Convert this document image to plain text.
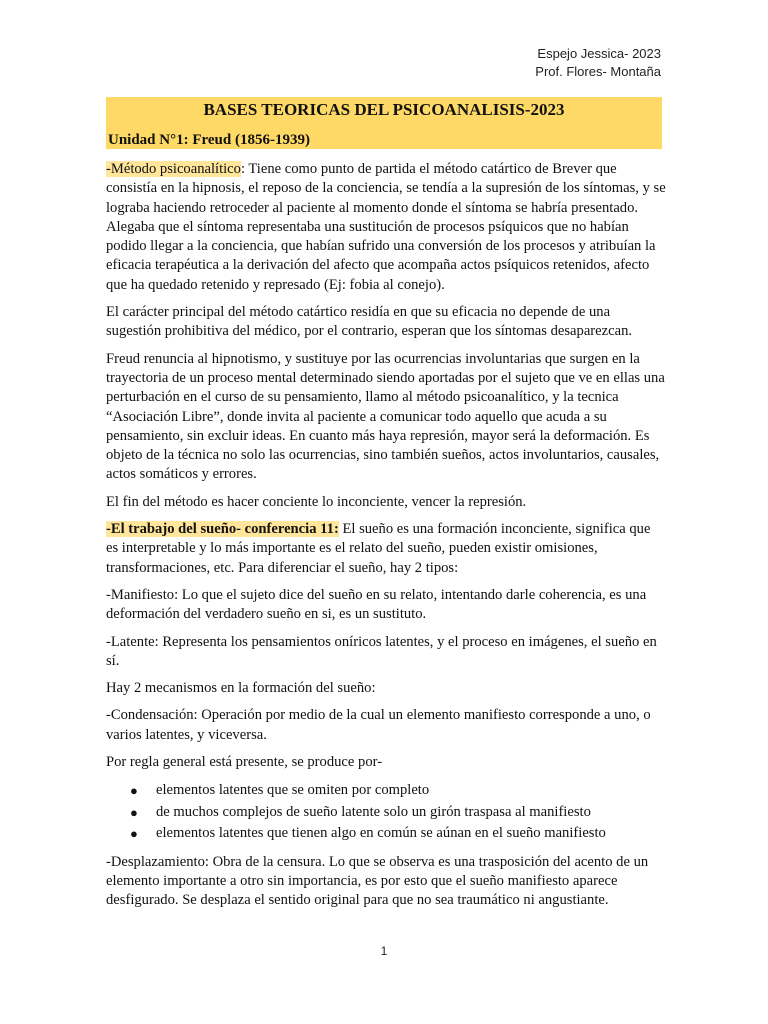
Espejo Jessica- 2023
Prof. Flores- Montaña
BASES TEORICAS DEL PSICOANALISIS-2023
Unidad N°1: Freud (1856-1939)

-Método psicoanalítico: Tiene como punto de partida el método catártico de Brever que consistía en la hipnosis, el reposo de la conciencia, se tendía a la supresión de los síntomas, y se lograba haciendo retroceder al paciente al momento donde el síntoma se habría presentado. Alegaba que el síntoma representaba una sustitución de procesos psíquicos que no habían podido llegar a la conciencia, que habían sufrido una conversión de los procesos y atribuían la eficacia terapéutica a la derivación del afecto que acompaña actos psíquicos retenidos, afecto que ha quedado retenido y represado (Ej: fobia al conejo).

El carácter principal del método catártico residía en que su eficacia no depende de una sugestión prohibitiva del médico, por el contrario, esperan que los síntomas desaparezcan.

Freud renuncia al hipnotismo, y sustituye por las ocurrencias involuntarias que surgen en la trayectoria de un proceso mental determinado siendo aportadas por el sujeto que ve en ellas una perturbación en el curso de su pensamiento, llamo al método psicoanalítico, y la tecnica “Asociación Libre”, donde invita al paciente a comunicar todo aquello que acuda a su pensamiento, sin excluir ideas. En cuanto más haya represión, mayor será la deformación. Es objeto de la técnica no solo las ocurrencias, sino también sueños, actos involuntarios, causales, actos somáticos y errores.

El fin del método es hacer conciente lo inconciente, vencer la represión.

-El trabajo del sueño- conferencia 11: El sueño es una formación inconciente, significa que es interpretable y lo más importante es el relato del sueño, pueden existir omisiones, transformaciones, etc. Para diferenciar el sueño, hay 2 tipos:

-Manifiesto: Lo que el sujeto dice del sueño en su relato, intentando darle coherencia, es una deformación del verdadero sueño en si, es un sustituto.

-Latente: Representa los pensamientos oníricos latentes, y el proceso en imágenes, el sueño en sí.

Hay 2 mecanismos en la formación del sueño:

-Condensación: Operación por medio de la cual un elemento manifiesto corresponde a uno, o varios latentes, y viceversa.

Por regla general está presente, se produce por-

● elementos latentes que se omiten por completo
● de muchos complejos de sueño latente solo un girón traspasa al manifiesto
● elementos latentes que tienen algo en común se aúnan en el sueño manifiesto

-Desplazamiento: Obra de la censura. Lo que se observa es una trasposición del acento de un elemento importante a otro sin importancia, es por esto que el sueño manifiesto aparece desfigurado. Se desplaza el sentido original para que no sea traumático ni angustiante.

1
